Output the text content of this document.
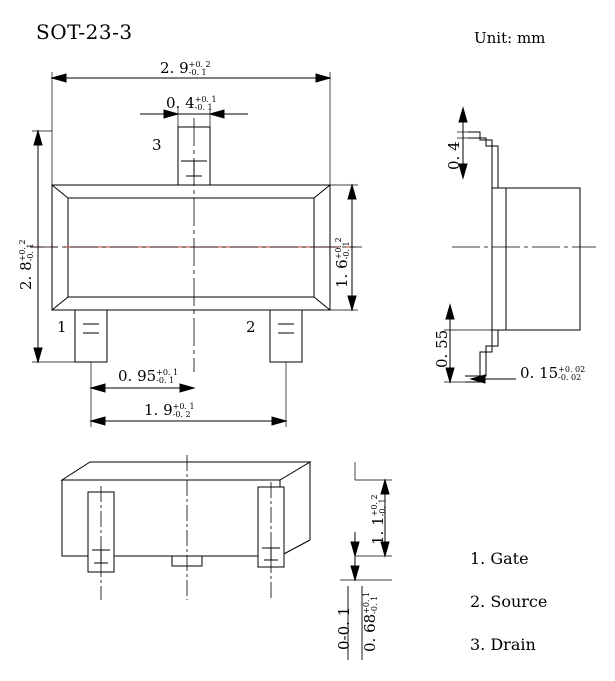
SOT-23-3	Unit: mm
3
1	2
2. 9 +0. 2
-0. 1
0. 4 +0. 1
-0. 1
2. 8
+0. 2 -0. 1
1. 6
+0. 2 -0. 1
0. 95 +0. 1
-0. 1
1. 9 +0. 1
-0. 2
0. 4
0. 55
0. 15 +0. 02
-0. 02
1. 1
+0. 2 -0. 1
0-0. 1 0. 68
+0. 1 -0. 1
1. Gate
2. Source
3. Drain
